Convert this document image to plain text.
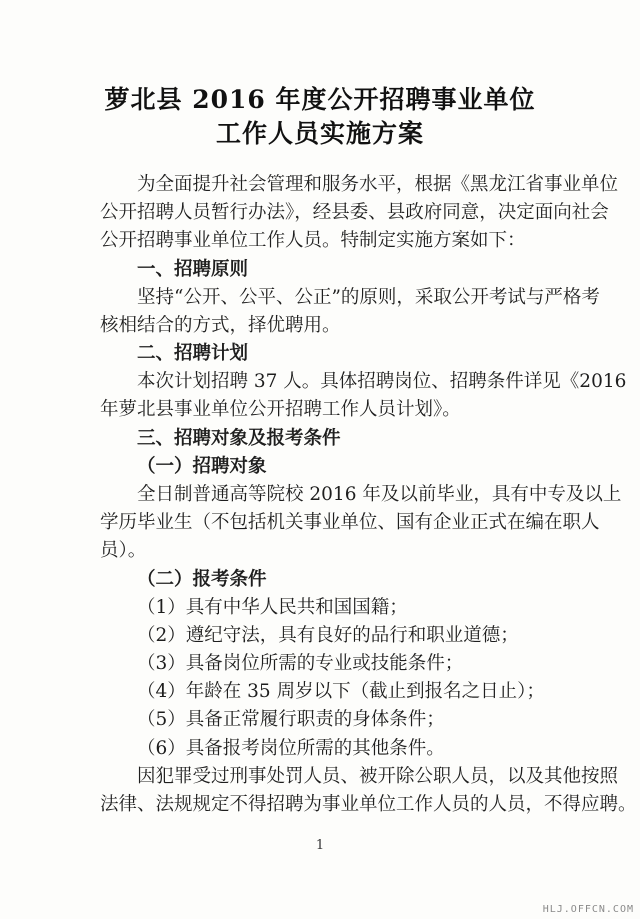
萝北县 2016 年度公开招聘事业单位
工作人员实施方案
为全面提升社会管理和服务水平，根据《黑龙江省事业单位
公开招聘人员暂行办法》，经县委、县政府同意，决定面向社会
公开招聘事业单位工作人员。特制定实施方案如下：
一、招聘原则
坚持“公开、公平、公正”的原则，采取公开考试与严格考
核相结合的方式，择优聘用。
二、招聘计划
本次计划招聘 37 人。具体招聘岗位、招聘条件详见《2016
年萝北县事业单位公开招聘工作人员计划》。
三、招聘对象及报考条件
（一）招聘对象
全日制普通高等院校 2016 年及以前毕业，具有中专及以上
学历毕业生（不包括机关事业单位、国有企业正式在编在职人
员）。
（二）报考条件
（1）具有中华人民共和国国籍；
（2）遵纪守法，具有良好的品行和职业道德；
（3）具备岗位所需的专业或技能条件；
（4）年龄在 35 周岁以下（截止到报名之日止）；
（5）具备正常履行职责的身体条件；
（6）具备报考岗位所需的其他条件。
因犯罪受过刑事处罚人员、被开除公职人员，以及其他按照
法律、法规规定不得招聘为事业单位工作人员的人员，不得应聘。
1
HLJ.OFFCN.COM
